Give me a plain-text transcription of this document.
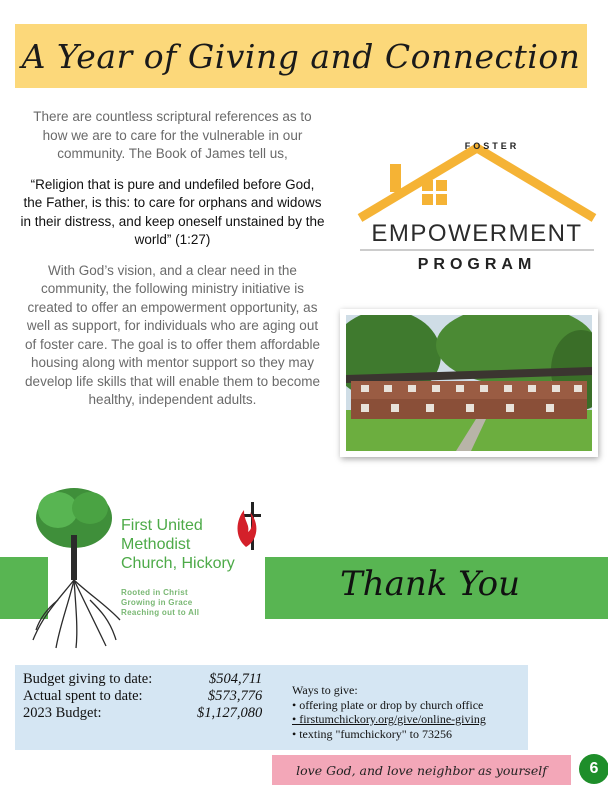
A Year of Giving and Connection

There are countless scriptural references as to how we are to care for the vulnerable in our community. The Book of James tell us,

“Religion that is pure and undefiled before God, the Father, is this: to care for orphans and widows in their distress, and keep oneself unstained by the world” (1:27)

With God’s vision, and a clear need in the community, the following ministry initiative is created to offer an empowerment opportunity, as well as support, for individuals who are aging out of foster care. The goal is to offer them affordable housing along with mentor support so they may develop life skills that will enable them to become healthy, independent adults.

FOSTER
EMPOWERMENT
PROGRAM
First United
Methodist
Church, Hickory
Rooted in Christ
Growing in Grace
Reaching out to All
Thank You
Budget giving to date:	$504,711
Actual spent to date:	$573,776
2023 Budget:	$1,127,080
Ways to give:
• offering plate or drop by church office
• firstumchickory.org/give/online-giving
• texting "fumchickory" to 73256
love God, and love neighbor as yourself	6
